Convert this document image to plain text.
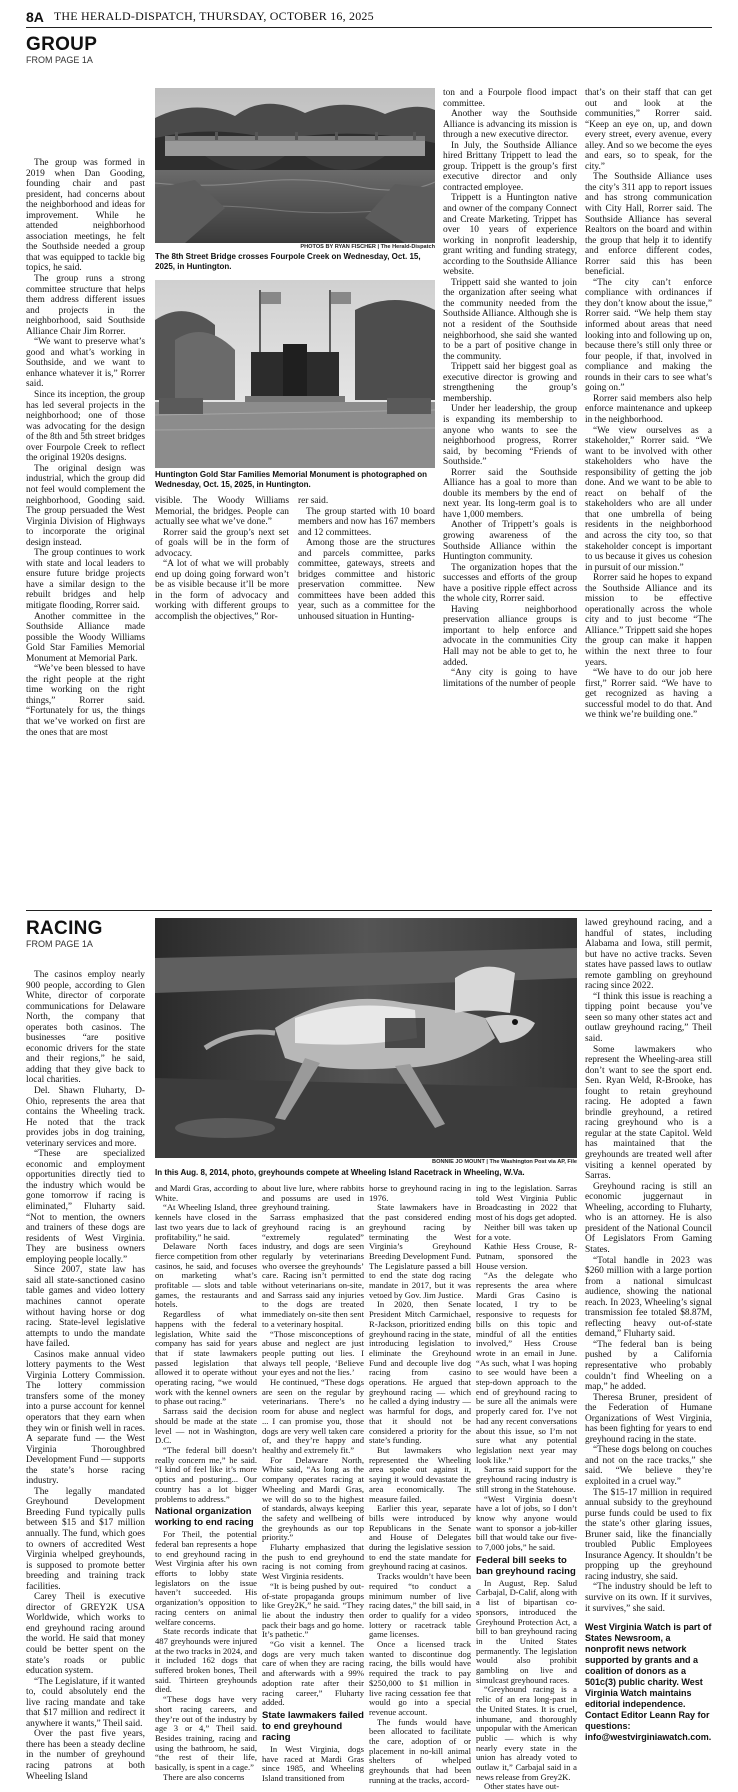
8A THE HERALD-DISPATCH, THURSDAY, OCTOBER 16, 2025
GROUP
FROM PAGE 1A

The group was formed in 2019 when Dan Gooding, founding chair and past president, had concerns about the neighborhood and ideas for improvement. While he attended neighborhood association meetings, he felt the Southside needed a group that was equipped to tackle big topics, he said.

The group runs a strong committee structure that helps them address different issues and projects in the neighborhood, said Southside Alliance Chair Jim Rorrer.

“We want to preserve what’s good and what’s working in Southside, and we want to enhance whatever it is,” Rorrer said.

Since its inception, the group has led several projects in the neighborhood; one of those was advocating for the design of the 8th and 5th street bridges over Fourpole Creek to reflect the original 1920s designs.

The original design was industrial, which the group did not feel would complement the neighborhood, Gooding said. The group persuaded the West Virginia Division of Highways to incorporate the original design instead.

The group continues to work with state and local leaders to ensure future bridge projects have a similar design to the rebuilt bridges and help mitigate flooding, Rorrer said.

Another committee in the Southside Alliance made possible the Woody Williams Gold Star Families Memorial Monument at Memorial Park.

“We’ve been blessed to have the right people at the right time working on the right things,” Rorrer said. “Fortunately for us, the things that we’ve worked on first are the ones that are most

PHOTOS BY RYAN FISCHER | The Herald-Dispatch
The 8th Street Bridge crosses Fourpole Creek on Wednesday, Oct. 15, 2025, in Huntington.
Huntington Gold Star Families Memorial Monument is photographed on Wednesday, Oct. 15, 2025, in Huntington.

visible. The Woody Williams Memorial, the bridges. People can actually see what we’ve done.”

Rorrer said the group’s next set of goals will be in the form of advocacy.

“A lot of what we will probably end up doing going forward won’t be as visible because it’ll be more in the form of advocacy and working with different groups to accomplish the objectives,” Ror-

rer said.

The group started with 10 board members and now has 167 members and 12 committees.

Among those are the structures and parcels committee, parks committee, gateways, streets and bridges committee and historic preservation committee. New committees have been added this year, such as a committee for the unhoused situation in Hunting-

ton and a Fourpole flood impact committee.

Another way the Southside Alliance is advancing its mission is through a new executive director.

In July, the Southside Alliance hired Brittany Trippett to lead the group. Trippett is the group’s first executive director and only contracted employee.

Trippett is a Huntington native and owner of the company Connect and Create Marketing. Trippet has over 10 years of experience working in nonprofit leadership, grant writing and funding strategy, according to the Southside Alliance website.

Trippett said she wanted to join the organization after seeing what the community needed from the Southside Alliance. Although she is not a resident of the Southside neighborhood, she said she wanted to be a part of positive change in the community.

Trippett said her biggest goal as executive director is growing and strengthening the group’s membership.

Under her leadership, the group is expanding its membership to anyone who wants to see the neighborhood progress, Rorrer said, by becoming “Friends of Southside.”

Rorrer said the Southside Alliance has a goal to more than double its members by the end of next year. Its long-term goal is to have 1,000 members.

Another of Trippett’s goals is growing awareness of the Southside Alliance within the Huntington community.

The organization hopes that the successes and efforts of the group have a positive ripple effect across the whole city, Rorrer said.

Having neighborhood preservation alliance groups is important to help enforce and advocate in the communities City Hall may not be able to get to, he added.

“Any city is going to have limitations of the number of people

that’s on their staff that can get out and look at the communities,” Rorrer said. “Keep an eye on, up, and down every street, every avenue, every alley. And so we become the eyes and ears, so to speak, for the city.”

The Southside Alliance uses the city’s 311 app to report issues and has strong communication with City Hall, Rorrer said. The Southside Alliance has several Realtors on the board and within the group that help it to identify and enforce different codes, Rorrer said this has been beneficial.

“The city can’t enforce compliance with ordinances if they don’t know about the issue,” Rorrer said. “We help them stay informed about areas that need looking into and following up on, because there’s still only three or four people, if that, involved in compliance and making the rounds in their cars to see what’s going on.”

Rorrer said members also help enforce maintenance and upkeep in the neighborhood.

“We view ourselves as a stakeholder,” Rorrer said. “We want to be involved with other stakeholders who have the responsibility of getting the job done. And we want to be able to react on behalf of the stakeholders who are all under that one umbrella of being residents in the neighborhood and across the city too, so that stakeholder concept is important to us because it gives us cohesion in pursuit of our mission.”

Rorrer said he hopes to expand the Southside Alliance and its mission to be effective operationally across the whole city and to just become “The Alliance.” Trippett said she hopes the group can make it happen within the next three to four years.

“We have to do our job here first,” Rorrer said. “We have to get recognized as having a successful model to do that. And we think we’re building one.”

RACING
FROM PAGE 1A
BONNIE JO MOUNT | The Washington Post via AP, File
In this Aug. 8, 2014, photo, greyhounds compete at Wheeling Island Racetrack in Wheeling, W.Va.

The casinos employ nearly 900 people, according to Glen White, director of corporate communications for Delaware North, the company that operates both casinos. The businesses “are positive economic drivers for the state and their regions,” he said, adding that they give back to local charities.

Del. Shawn Fluharty, D-Ohio, represents the area that contains the Wheeling track. He noted that the track provides jobs in dog training, veterinary services and more.

“These are specialized economic and employment opportunities directly tied to the industry which would be gone tomorrow if racing is eliminated,” Fluharty said. “Not to mention, the owners and trainers of these dogs are residents of West Virginia. They are business owners employing people locally.”

Since 2007, state law has said all state-sanctioned casino table games and video lottery machines cannot operate without having horse or dog racing. State-level legislative attempts to undo the mandate have failed.

Casinos make annual video lottery payments to the West Virginia Lottery Commission. The lottery commission transfers some of the money into a purse account for kennel operators that they earn when they win or finish well in races. A separate fund — the West Virginia Thoroughbred Development Fund — supports the state’s horse racing industry.

The legally mandated Greyhound Development Breeding Fund typically pulls between $15 and $17 million annually. The fund, which goes to owners of accredited West Virginia whelped greyhounds, is supposed to promote better breeding and training track facilities.

Carey Theil is executive director of GREY2K USA Worldwide, which works to end greyhound racing around the world. He said that money could be better spent on the state’s roads or public education system.

“The Legislature, if it wanted to, could absolutely end the live racing mandate and take that $17 million and redirect it anywhere it wants,” Theil said.

Over the past five years, there has been a steady decline in the number of greyhound racing patrons at both Wheeling Island

and Mardi Gras, according to White.

“At Wheeling Island, three kennels have closed in the last two years due to lack of profitability,” he said.

Delaware North faces fierce competition from other casinos, he said, and focuses on marketing what’s profitable — slots and table games, the restaurants and hotels.

Regardless of what happens with the federal legislation, White said the company has said for years that if state lawmakers passed legislation that allowed it to operate without operating racing, “we would work with the kennel owners to phase out racing.”

Sarrass said the decision should be made at the state level — not in Washington, D.C.

“The federal bill doesn’t really concern me,” he said. “I kind of feel like it’s more optics and posturing... Our country has a lot bigger problems to address.”

National organization working to end racing

For Theil, the potential federal ban represents a hope to end greyhound racing in West Virginia after his own efforts to lobby state legislators on the issue haven’t succeeded. His organization’s opposition to racing centers on animal welfare concerns.

State records indicate that 487 greyhounds were injured at the two tracks in 2024, and it included 162 dogs that suffered broken bones, Theil said. Thirteen greyhounds died.

“These dogs have very short racing careers, and they’re out of the industry by age 3 or 4,” Theil said. Besides training, racing and using the bathroom, he said, “the rest of their life, basically, is spent in a cage.”

There are also concerns

about live lure, where rabbits and possums are used in greyhound training.

Sarrass emphasized that greyhound racing is an “extremely regulated” industry, and dogs are seen regularly by veterinarians who oversee the greyhounds’ care. Racing isn’t permitted without veterinarians on-site, and Sarrass said any injuries to the dogs are treated immediately on-site then sent to a veterinary hospital.

“Those misconceptions of abuse and neglect are just people putting out lies. I always tell people, ‘Believe your eyes and not the lies.’

He continued, “These dogs are seen on the regular by veterinarians. There’s no room for abuse and neglect ... I can promise you, those dogs are very well taken care of, and they’re happy and healthy and extremely fit.”

For Delaware North, White said, “As long as the company operates racing at Wheeling and Mardi Gras, we will do so to the highest of standards, always keeping the safety and wellbeing of the greyhounds as our top priority.”

Fluharty emphasized that the push to end greyhound racing is not coming from West Virginia residents.

“It is being pushed by out-of-state propaganda groups like Grey2K,” he said. “They lie about the industry then pack their bags and go home. It’s pathetic.”

“Go visit a kennel. The dogs are very much taken care of when they are racing and afterwards with a 99% adoption rate after their racing career,” Fluharty added.

State lawmakers failed to end greyhound racing

In West Virginia, dogs have raced at Mardi Gras since 1985, and Wheeling Island transitioned from

horse to greyhound racing in 1976.

State lawmakers have in the past considered ending greyhound racing by terminating the West Virginia’s Greyhound Breeding Development Fund. The Legislature passed a bill to end the state dog racing mandate in 2017, but it was vetoed by Gov. Jim Justice.

In 2020, then Senate President Mitch Carmichael, R-Jackson, prioritized ending greyhound racing in the state, introducing legislation to eliminate the Greyhound Fund and decouple live dog racing from casino operations. He argued that greyhound racing — which he called a dying industry — was harmful for dogs, and that it should not be considered a priority for the state’s funding.

But lawmakers who represented the Wheeling area spoke out against it, saying it would devastate the area economically. The measure failed.

Earlier this year, separate bills were introduced by Republicans in the Senate and House of Delegates during the legislative session to end the state mandate for greyhound racing at casinos.

Tracks wouldn’t have been required “to conduct a minimum number of live racing dates,” the bill said, in order to qualify for a video lottery or racetrack table game licenses.

Once a licensed track wanted to discontinue dog racing, the bills would have required the track to pay $250,000 to $1 million in live racing cessation fee that would go into a special revenue account.

The funds would have been allocated to facilitate the care, adoption of or placement in no-kill animal shelters of whelped greyhounds that had been running at the tracks, accord-

lawed greyhound racing, and a handful of states, including Alabama and Iowa, still permit, but have no active tracks. Seven states have passed laws to outlaw remote gambling on greyhound racing since 2022.

“I think this issue is reaching a tipping point because you’ve seen so many other states act and outlaw greyhound racing,” Theil said.

Some lawmakers who represent the Wheeling-area still don’t want to see the sport end. Sen. Ryan Weld, R-Brooke, has fought to retain greyhound racing. He adopted a fawn brindle greyhound, a retired racing greyhound who is a regular at the state Capitol. Weld has maintained that the greyhounds are treated well after visiting a kennel operated by Sarras.

Greyhound racing is still an economic juggernaut in Wheeling, according to Fluharty, who is an attorney. He is also president of the National Council Of Legislators From Gaming States.

“Total handle in 2023 was $260 million with a large portion from a national simulcast audience, showing the national reach. In 2023, Wheeling’s signal transmission fee totaled $8.87M, reflecting heavy out-of-state demand,” Fluharty said.

“The federal ban is being pushed by a California representative who probably couldn’t find Wheeling on a map,” he added.

Theresa Bruner, president of the Federation of Humane Organizations of West Virginia, has been fighting for years to end greyhound racing in the state.

“These dogs belong on couches and not on the race tracks,” she said. “We believe they’re exploited in a cruel way.”

The $15-17 million in required annual subsidy to the greyhound purse funds could be used to fix the state’s other glaring issues, Bruner said, like the financially troubled Public Employees Insurance Agency. It shouldn’t be propping up the greyhound racing industry, she said.

“The industry should be left to survive on its own. If it survives, it survives,” she said.

West Virginia Watch is part of States Newsroom, a nonprofit news network supported by grants and a coalition of donors as a 501c(3) public charity. West Virginia Watch maintains editorial independence. Contact Editor Leann Ray for questions: info@westvirginiawatch.com.

ing to the legislation. Sarras told West Virginia Public Broadcasting in 2022 that most of his dogs get adopted.

Neither bill was taken up for a vote.

Kathie Hess Crouse, R-Putnam, sponsored the House version.

“As the delegate who represents the area where Mardi Gras Casino is located, I try to be responsive to requests for bills on this topic and mindful of all the entities involved,” Hess Crouse wrote in an email in June. “As such, what I was hoping to see would have been a step-down approach to the end of greyhound racing to be sure all the animals were properly cared for. I’ve not had any recent conversations about this issue, so I’m not sure what any potential legislation next year may look like.”

Sarras said support for the greyhound racing industry is still strong in the Statehouse.

“West Virginia doesn’t have a lot of jobs, so I don’t know why anyone would want to sponsor a job-killer bill that would take our five- to 7,000 jobs,” he said.

Federal bill seeks to ban greyhound racing

In August, Rep. Salud Carbajal, D-Calif, along with a list of bipartisan co-sponsors, introduced the Greyhound Protection Act, a bill to ban greyhound racing in the United States permanently. The legislation would also prohibit gambling on live and simulcast greyhound races.

“Greyhound racing is a relic of an era long-past in the United States. It is cruel, inhumane, and thoroughly unpopular with the American public — which is why nearly every state in the union has already voted to outlaw it,” Carbajal said in a news release from Grey2K.

Other states have out-
